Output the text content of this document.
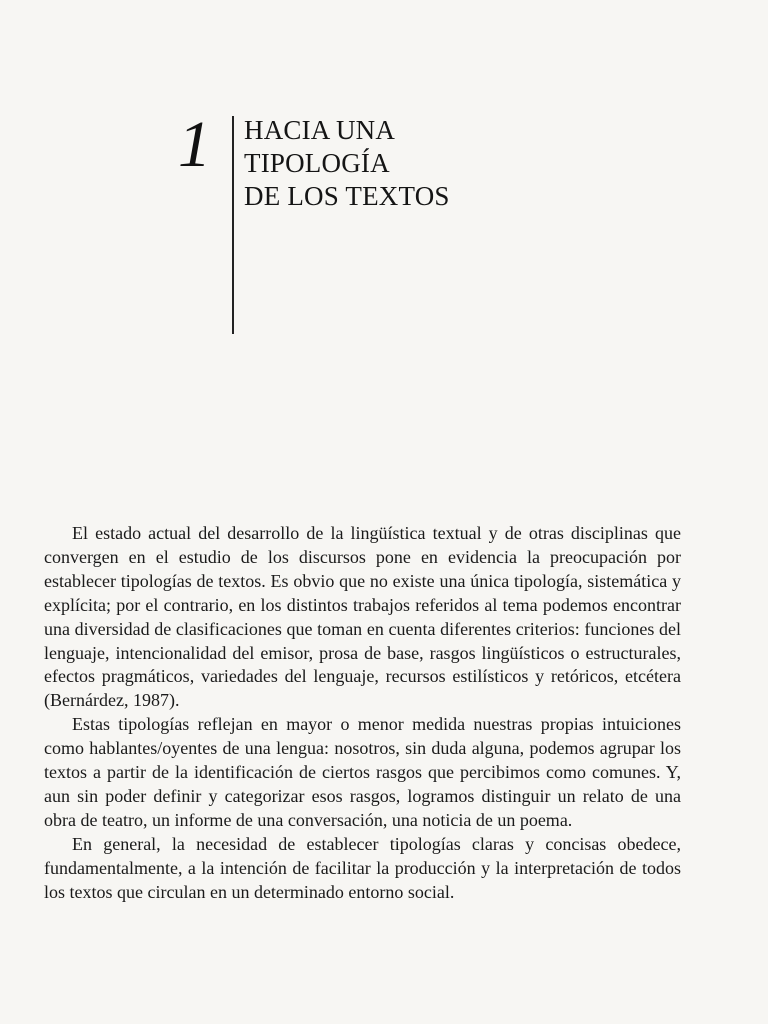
1 HACIA UNA
TIPOLOGÍA
DE LOS TEXTOS

El estado actual del desarrollo de la lingüística textual y de otras disciplinas que convergen en el estudio de los discursos pone en evidencia la preocupación por establecer tipologías de textos. Es obvio que no existe una única tipología, sistemática y explícita; por el contrario, en los distintos trabajos referidos al tema podemos encontrar una diversidad de clasificaciones que toman en cuenta diferentes criterios: funciones del lenguaje, intencionalidad del emisor, prosa de base, rasgos lingüísticos o estructurales, efectos pragmáticos, variedades del lenguaje, recursos estilísticos y retóricos, etcétera (Bernárdez, 1987).

Estas tipologías reflejan en mayor o menor medida nuestras propias intuiciones como hablantes/oyentes de una lengua: nosotros, sin duda alguna, podemos agrupar los textos a partir de la identificación de ciertos rasgos que percibimos como comunes. Y, aun sin poder definir y categorizar esos rasgos, logramos distinguir un relato de una obra de teatro, un informe de una conversación, una noticia de un poema.

En general, la necesidad de establecer tipologías claras y concisas obedece, fundamentalmente, a la intención de facilitar la producción y la interpretación de todos los textos que circulan en un determinado entorno social.
